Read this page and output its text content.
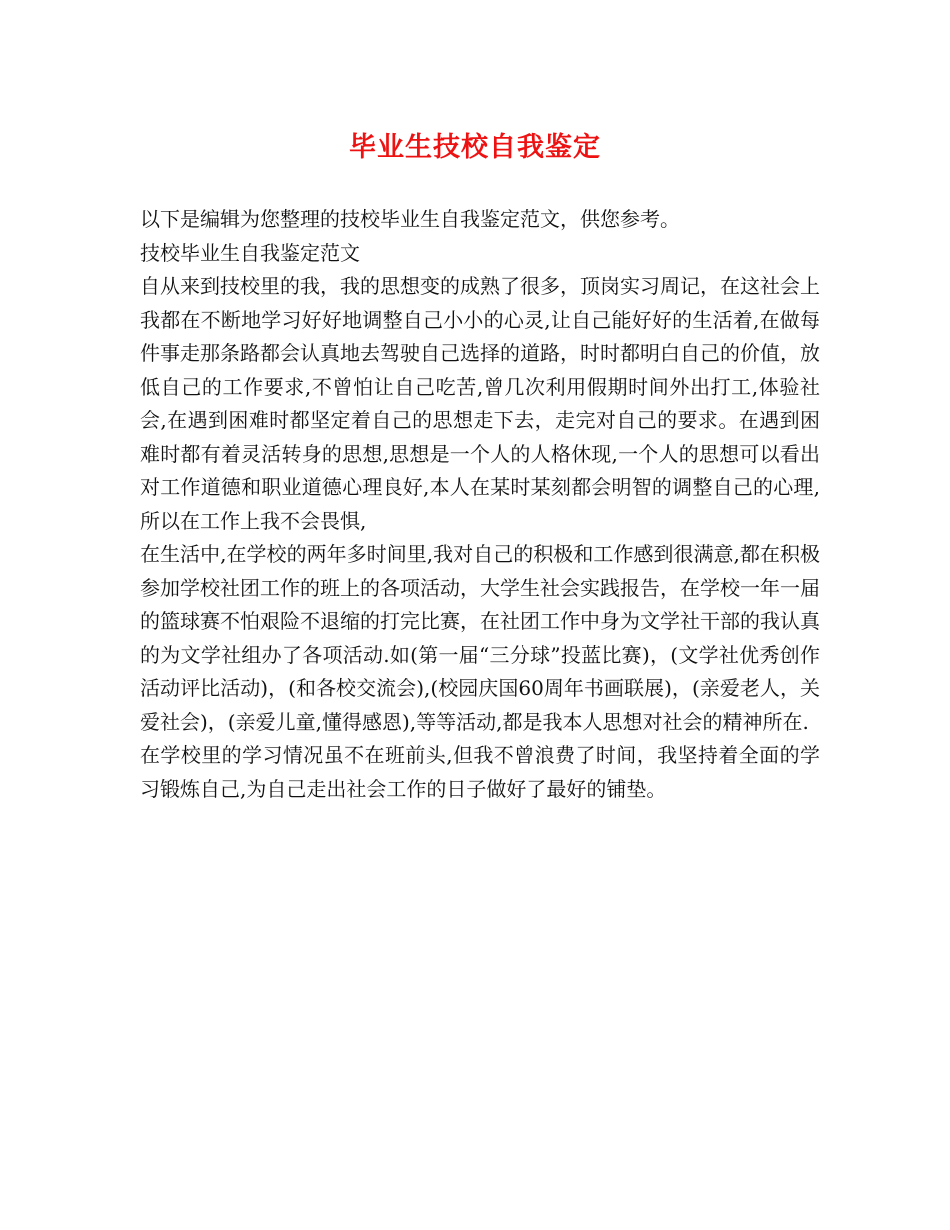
毕业生技校自我鉴定

以下是编辑为您整理的技校毕业生自我鉴定范文，供您参考。

技校毕业生自我鉴定范文

自从来到技校里的我，我的思想变的成熟了很多，顶岗实习周记，在这社会上我都在不断地学习好好地调整自己小小的心灵,让自己能好好的生活着,在做每件事走那条路都会认真地去驾驶自己选择的道路，时时都明白自己的价值，放低自己的工作要求,不曾怕让自己吃苦,曾几次利用假期时间外出打工,体验社会,在遇到困难时都坚定着自己的思想走下去，走完对自己的要求。在遇到困难时都有着灵活转身的思想,思想是一个人的人格休现,一个人的思想可以看出对工作道德和职业道德心理良好,本人在某时某刻都会明智的调整自己的心理,所以在工作上我不会畏惧,

在生活中,在学校的两年多时间里,我对自己的积极和工作感到很满意,都在积极参加学校社团工作的班上的各项活动，大学生社会实践报告，在学校一年一届的篮球赛不怕艰险不退缩的打完比赛，在社团工作中身为文学社干部的我认真的为文学社组办了各项活动.如(第一届“三分球”投蓝比赛)，(文学社优秀创作活动评比活动)，(和各校交流会),(校园庆国60周年书画联展)，(亲爱老人，关爱社会)，(亲爱儿童,懂得感恩),等等活动,都是我本人思想对社会的精神所在.

在学校里的学习情况虽不在班前头,但我不曾浪费了时间，我坚持着全面的学习锻炼自己,为自己走出社会工作的日子做好了最好的铺垫。
